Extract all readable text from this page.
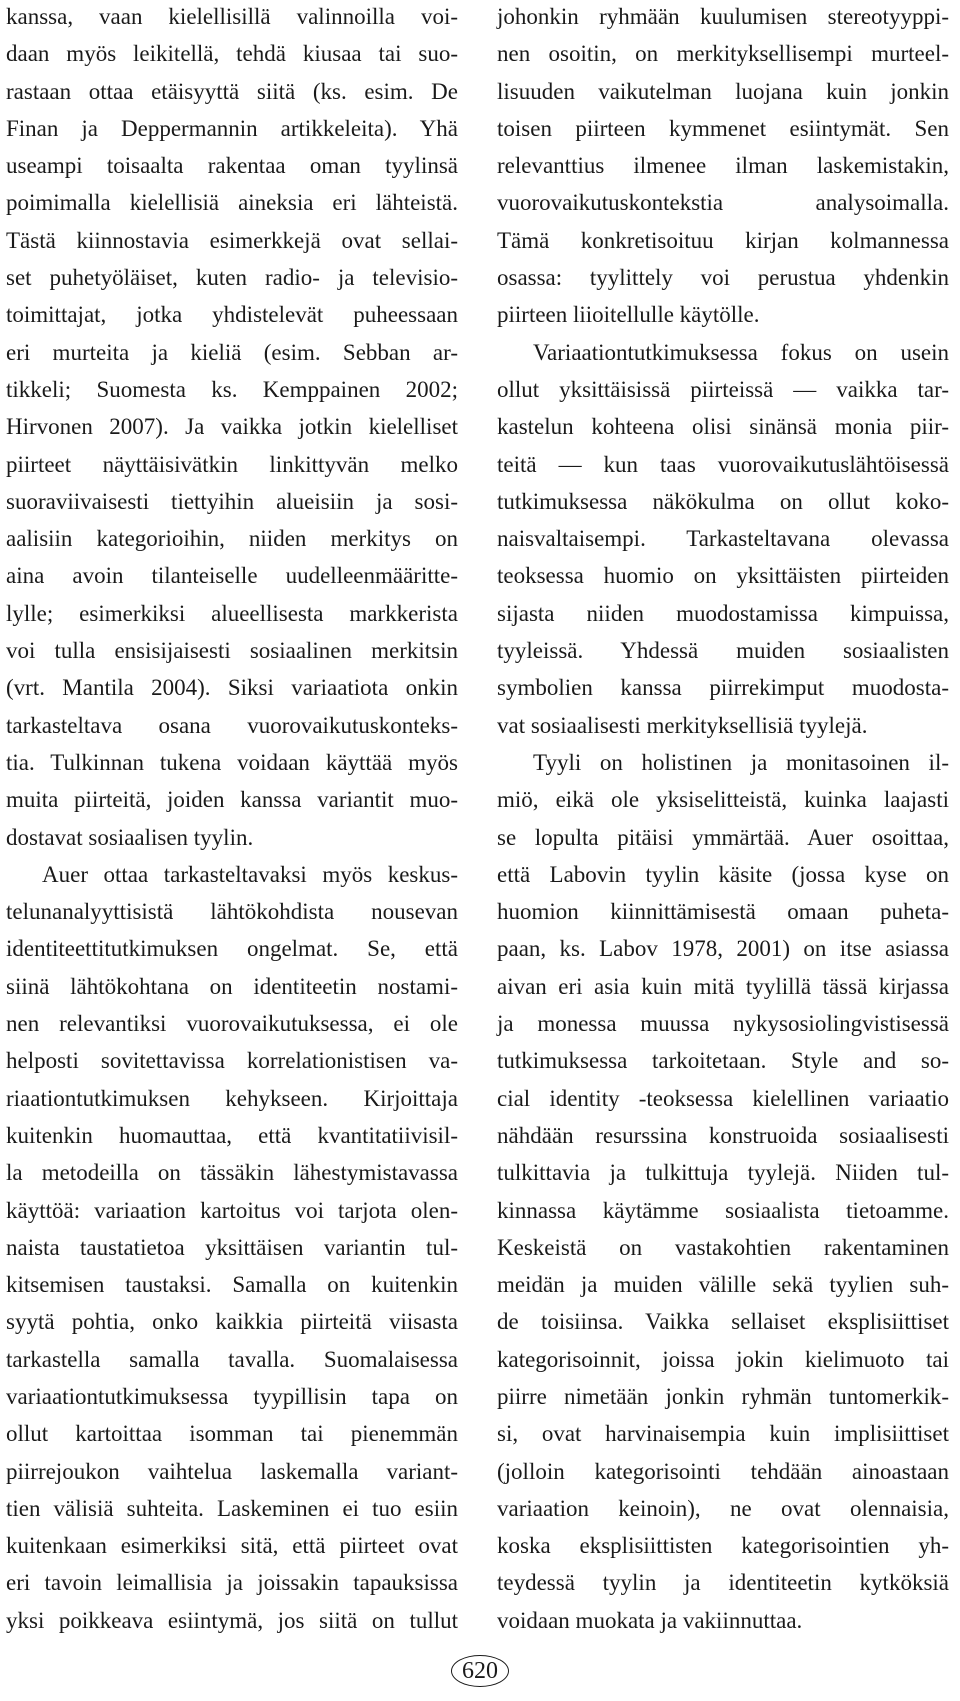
kanssa, vaan kielellisillä valinnoilla voi-
daan myös leikitellä, tehdä kiusaa tai suo-
rastaan ottaa etäisyyttä siitä (ks. esim. De
Finan ja Deppermannin artikkeleita). Yhä
useampi toisaalta rakentaa oman tyylinsä
poimimalla kielellisiä aineksia eri lähteistä.
Tästä kiinnostavia esimerkkejä ovat sellai-
set puhetyöläiset, kuten radio- ja televisio-
toimittajat, jotka yhdistelevät puheessaan
eri murteita ja kieliä (esim. Sebban ar-
tikkeli; Suomesta ks. Kemppainen 2002;
Hirvonen 2007). Ja vaikka jotkin kielelliset
piirteet näyttäisivätkin linkittyvän melko
suoraviivaisesti tiettyihin alueisiin ja sosi-
aalisiin kategorioihin, niiden merkitys on
aina avoin tilanteiselle uudelleenmäärittе-
lylle; esimerkiksi alueellisesta markkerista
voi tulla ensisijaisesti sosiaalinen merkitsin
(vrt. Mantila 2004). Siksi variaatiota onkin
tarkasteltava osana vuorovaikutuskonteks-
tia. Tulkinnan tukena voidaan käyttää myös
muita piirteitä, joiden kanssa variantit muo-
dostavat sosiaalisen tyylin.
Auer ottaa tarkasteltavaksi myös keskus-
telunanalyyttisistä lähtökohdista nousevan
identiteettitutkimuksen ongelmat. Se, että
siinä lähtökohtana on identiteetin nostami-
nen relevantiksi vuorovaikutuksessa, ei ole
helposti sovitettavissa korrelationistisen va-
riaationtutkimuksen kehykseen. Kirjoittaja
kuitenkin huomauttaa, että kvantitatiivisil-
la metodeilla on tässäkin lähestymistavassa
käyttöä: variaation kartoitus voi tarjota olen-
naista taustatietoa yksittäisen variantin tul-
kitsemisen taustaksi. Samalla on kuitenkin
syytä pohtia, onko kaikkia piirteitä viisasta
tarkastella samalla tavalla. Suomalaisessa
variaationtutkimuksessa tyypillisin tapa on
ollut kartoittaa isomman tai pienemmän
piirrejoukon vaihtelua laskemalla variant-
tien välisiä suhteita. Laskeminen ei tuo esiin
kuitenkaan esimerkiksi sitä, että piirteet ovat
eri tavoin leimallisia ja joissakin tapauksissa
yksi poikkeava esiintymä, jos siitä on tullut
johonkin ryhmään kuulumisen stereotyyppi-
nen osoitin, on merkityksellisempi murteel-
lisuuden vaikutelman luojana kuin jonkin
toisen piirteen kymmenet esiintymät. Sen
relevanttius ilmenee ilman laskemistakin,
vuorovaikutuskontekstia analysoimalla.
Tämä konkretisoituu kirjan kolmannessa
osassa: tyylittely voi perustua yhdenkin
piirteen liioitellulle käytölle.
Variaationtutkimuksessa fokus on usein
ollut yksittäisissä piirteissä — vaikka tar-
kastelun kohteena olisi sinänsä monia piir-
teitä — kun taas vuorovaikutuslähtöisessä
tutkimuksessa näkökulma on ollut koko-
naisvaltaisempi. Tarkasteltavana olevassa
teoksessa huomio on yksittäisten piirteiden
sijasta niiden muodostamissa kimpuissa,
tyyleissä. Yhdessä muiden sosiaalisten
symbolien kanssa piirrekimput muodosta-
vat sosiaalisesti merkityksellisiä tyylejä.
Tyyli on holistinen ja monitasoinen il-
miö, eikä ole yksiselitteistä, kuinka laajasti
se lopulta pitäisi ymmärtää. Auer osoittaa,
että Labovin tyylin käsite (jossa kyse on
huomion kiinnittämisestä omaan puheta-
paan, ks. Labov 1978, 2001) on itse asiassa
aivan eri asia kuin mitä tyylillä tässä kirjassa
ja monessa muussa nykysosiolingvistisessä
tutkimuksessa tarkoitetaan. Style and so-
cial identity -teoksessa kielellinen variaatio
nähdään resurssina konstruoida sosiaalisesti
tulkittavia ja tulkittuja tyylejä. Niiden tul-
kinnassa käytämme sosiaalista tietoamme.
Keskeistä on vastakohtien rakentaminen
meidän ja muiden välille sekä tyylien suh-
de toisiinsa. Vaikka sellaiset eksplisiittiset
kategorisoinnit, joissa jokin kielimuoto tai
piirre nimetään jonkin ryhmän tuntomerkik-
si, ovat harvinaisempia kuin implisiittiset
(jolloin kategorisointi tehdään ainoastaan
variaation keinoin), ne ovat olennaisia,
koska eksplisiittisten kategorisointien yh-
teydessä tyylin ja identiteetin kytköksiä
voidaan muokata ja vakiinnuttaa.
620
